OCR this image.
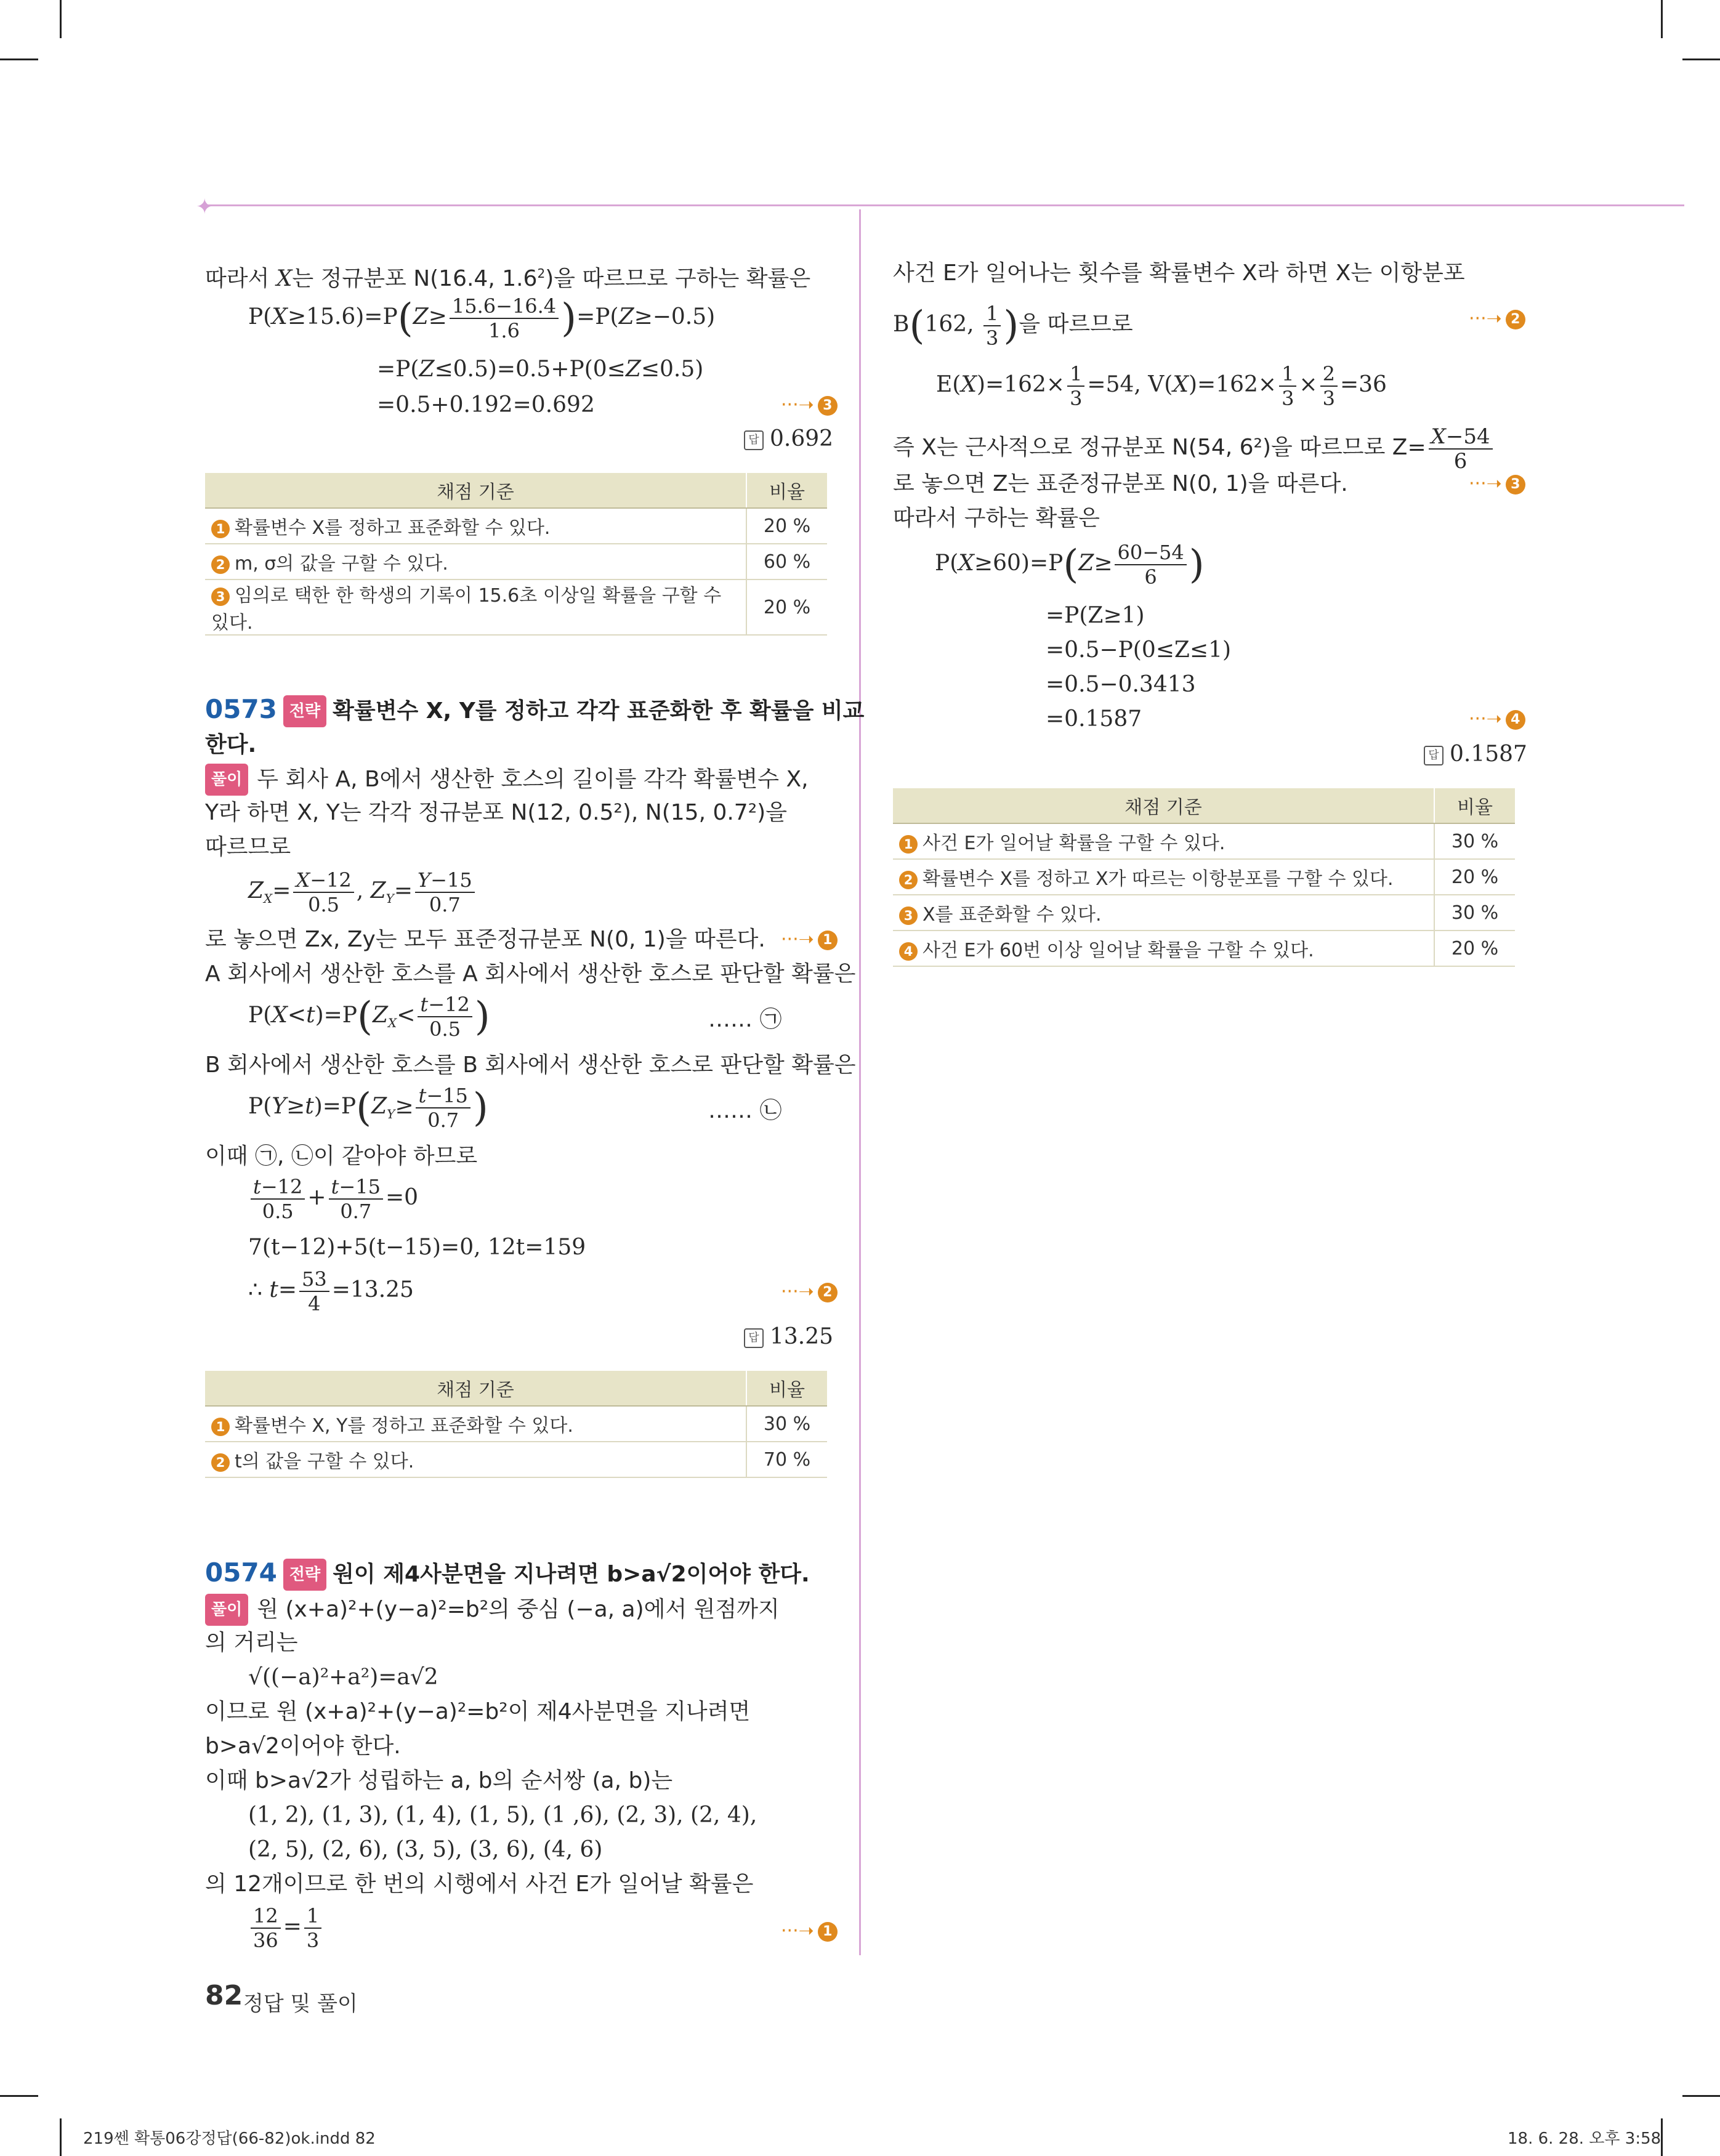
✦
따라서 X는 정규분포 N(16.4, $1.6^2$)을 따르므로 구하는 확률은
$P(X\ge 15.6)=P(Z\ge \frac{15.6-16.4}{1.6} )=P(Z\ge-0.5)$
=P(Z≤0.5)=0.5+P(0≤Z≤0.5)
=0.5+0.192=0.692	···➝ 3
답 0.692
채점 기준	비율
1 확률변수 X를 정하고 표준화할 수 있다.	20 %
2 m, σ의 값을 구할 수 있다.	60 %
3 임의로 택한 한 학생의 기록이 15.6초 이상일 확률을 구할 수 있다.	20 %
0573 전략 확률변수 X, Y를 정하고 각각 표준화한 후 확률을 비교
한다.
풀이 두 회사 A, B에서 생산한 호스의 길이를 각각 확률변수 X,
Y라 하면 X, Y는 각각 정규분포 N(12, 0.5²), N(15, 0.7²)을
따르므로
$Z_X= \frac{X-12}{0.5}$ , $Z_Y= \frac{Y-15}{0.7}$
로 놓으면 Zx, Zy는 모두 표준정규분포 N(0, 1)을 따른다. ···➝ 1
A 회사에서 생산한 호스를 A 회사에서 생산한 호스로 판단할 확률은
$P(X<t)=P(Z_X< \frac{t-12}{0.5}$ )	…… ㉠
B 회사에서 생산한 호스를 B 회사에서 생산한 호스로 판단할 확률은
$P(Y\ge t)=P(Z_Y\ge \frac{t-15}{0.7}$ )	…… ㉡
이때 ㉠, ㉡이 같아야 하므로
$\frac{t-12}{0.5} + \frac{t-15}{0.7} =0$
7(t−12)+5(t−15)=0, 12t=159
∴ $t= \frac{53}{4} =13.25$	···➝ 2
답 13.25
채점 기준	비율
1 확률변수 X, Y를 정하고 표준화할 수 있다.	30 %
2 t의 값을 구할 수 있다.	70 %
0574 전략 원이 제4사분면을 지나려면 b>a√2이어야 한다.
풀이 원 (x+a)²+(y−a)²=b²의 중심 (−a, a)에서 원점까지
의 거리는
√((−a)²+a²)=a√2
이므로 원 (x+a)²+(y−a)²=b²이 제4사분면을 지나려면
b>a√2이어야 한다.
이때 b>a√2가 성립하는 a, b의 순서쌍 (a, b)는
(1, 2), (1, 3), (1, 4), (1, 5), (1 ,6), (2, 3), (2, 4),
(2, 5), (2, 6), (3, 5), (3, 6), (4, 6)
의 12개이므로 한 번의 시행에서 사건 E가 일어날 확률은
$\frac{12}{36} = \frac{1}{3}$	···➝ 1
82 정답 및 풀이
사건 E가 일어나는 횟수를 확률변수 X라 하면 X는 이항분포
B(162, $\frac{1}{3}$ )을 따르므로	···➝ 2
$E(X)=162\times \frac{1}{3} =54$, $V(X)=162\times \frac{1}{3} \times \frac{2}{3} =36$
즉 X는 근사적으로 정규분포 N(54, 6²)을 따르므로 $Z= \frac{X-54}{6}$
로 놓으면 Z는 표준정규분포 N(0, 1)을 따른다.	···➝ 3
따라서 구하는 확률은
$P(X\ge 60)=P(Z\ge \frac{60-54}{6}$ )
=P(Z≥1)
=0.5−P(0≤Z≤1)
=0.5−0.3413
=0.1587	···➝ 4
답 0.1587
채점 기준	비율
1 사건 E가 일어날 확률을 구할 수 있다.	30 %
2 확률변수 X를 정하고 X가 따르는 이항분포를 구할 수 있다.	20 %
3 X를 표준화할 수 있다.	30 %
4 사건 E가 60번 이상 일어날 확률을 구할 수 있다.	20 %
219쎈 확통06강정답(66-82)ok.indd 82	18. 6. 28. 오후 3:58
